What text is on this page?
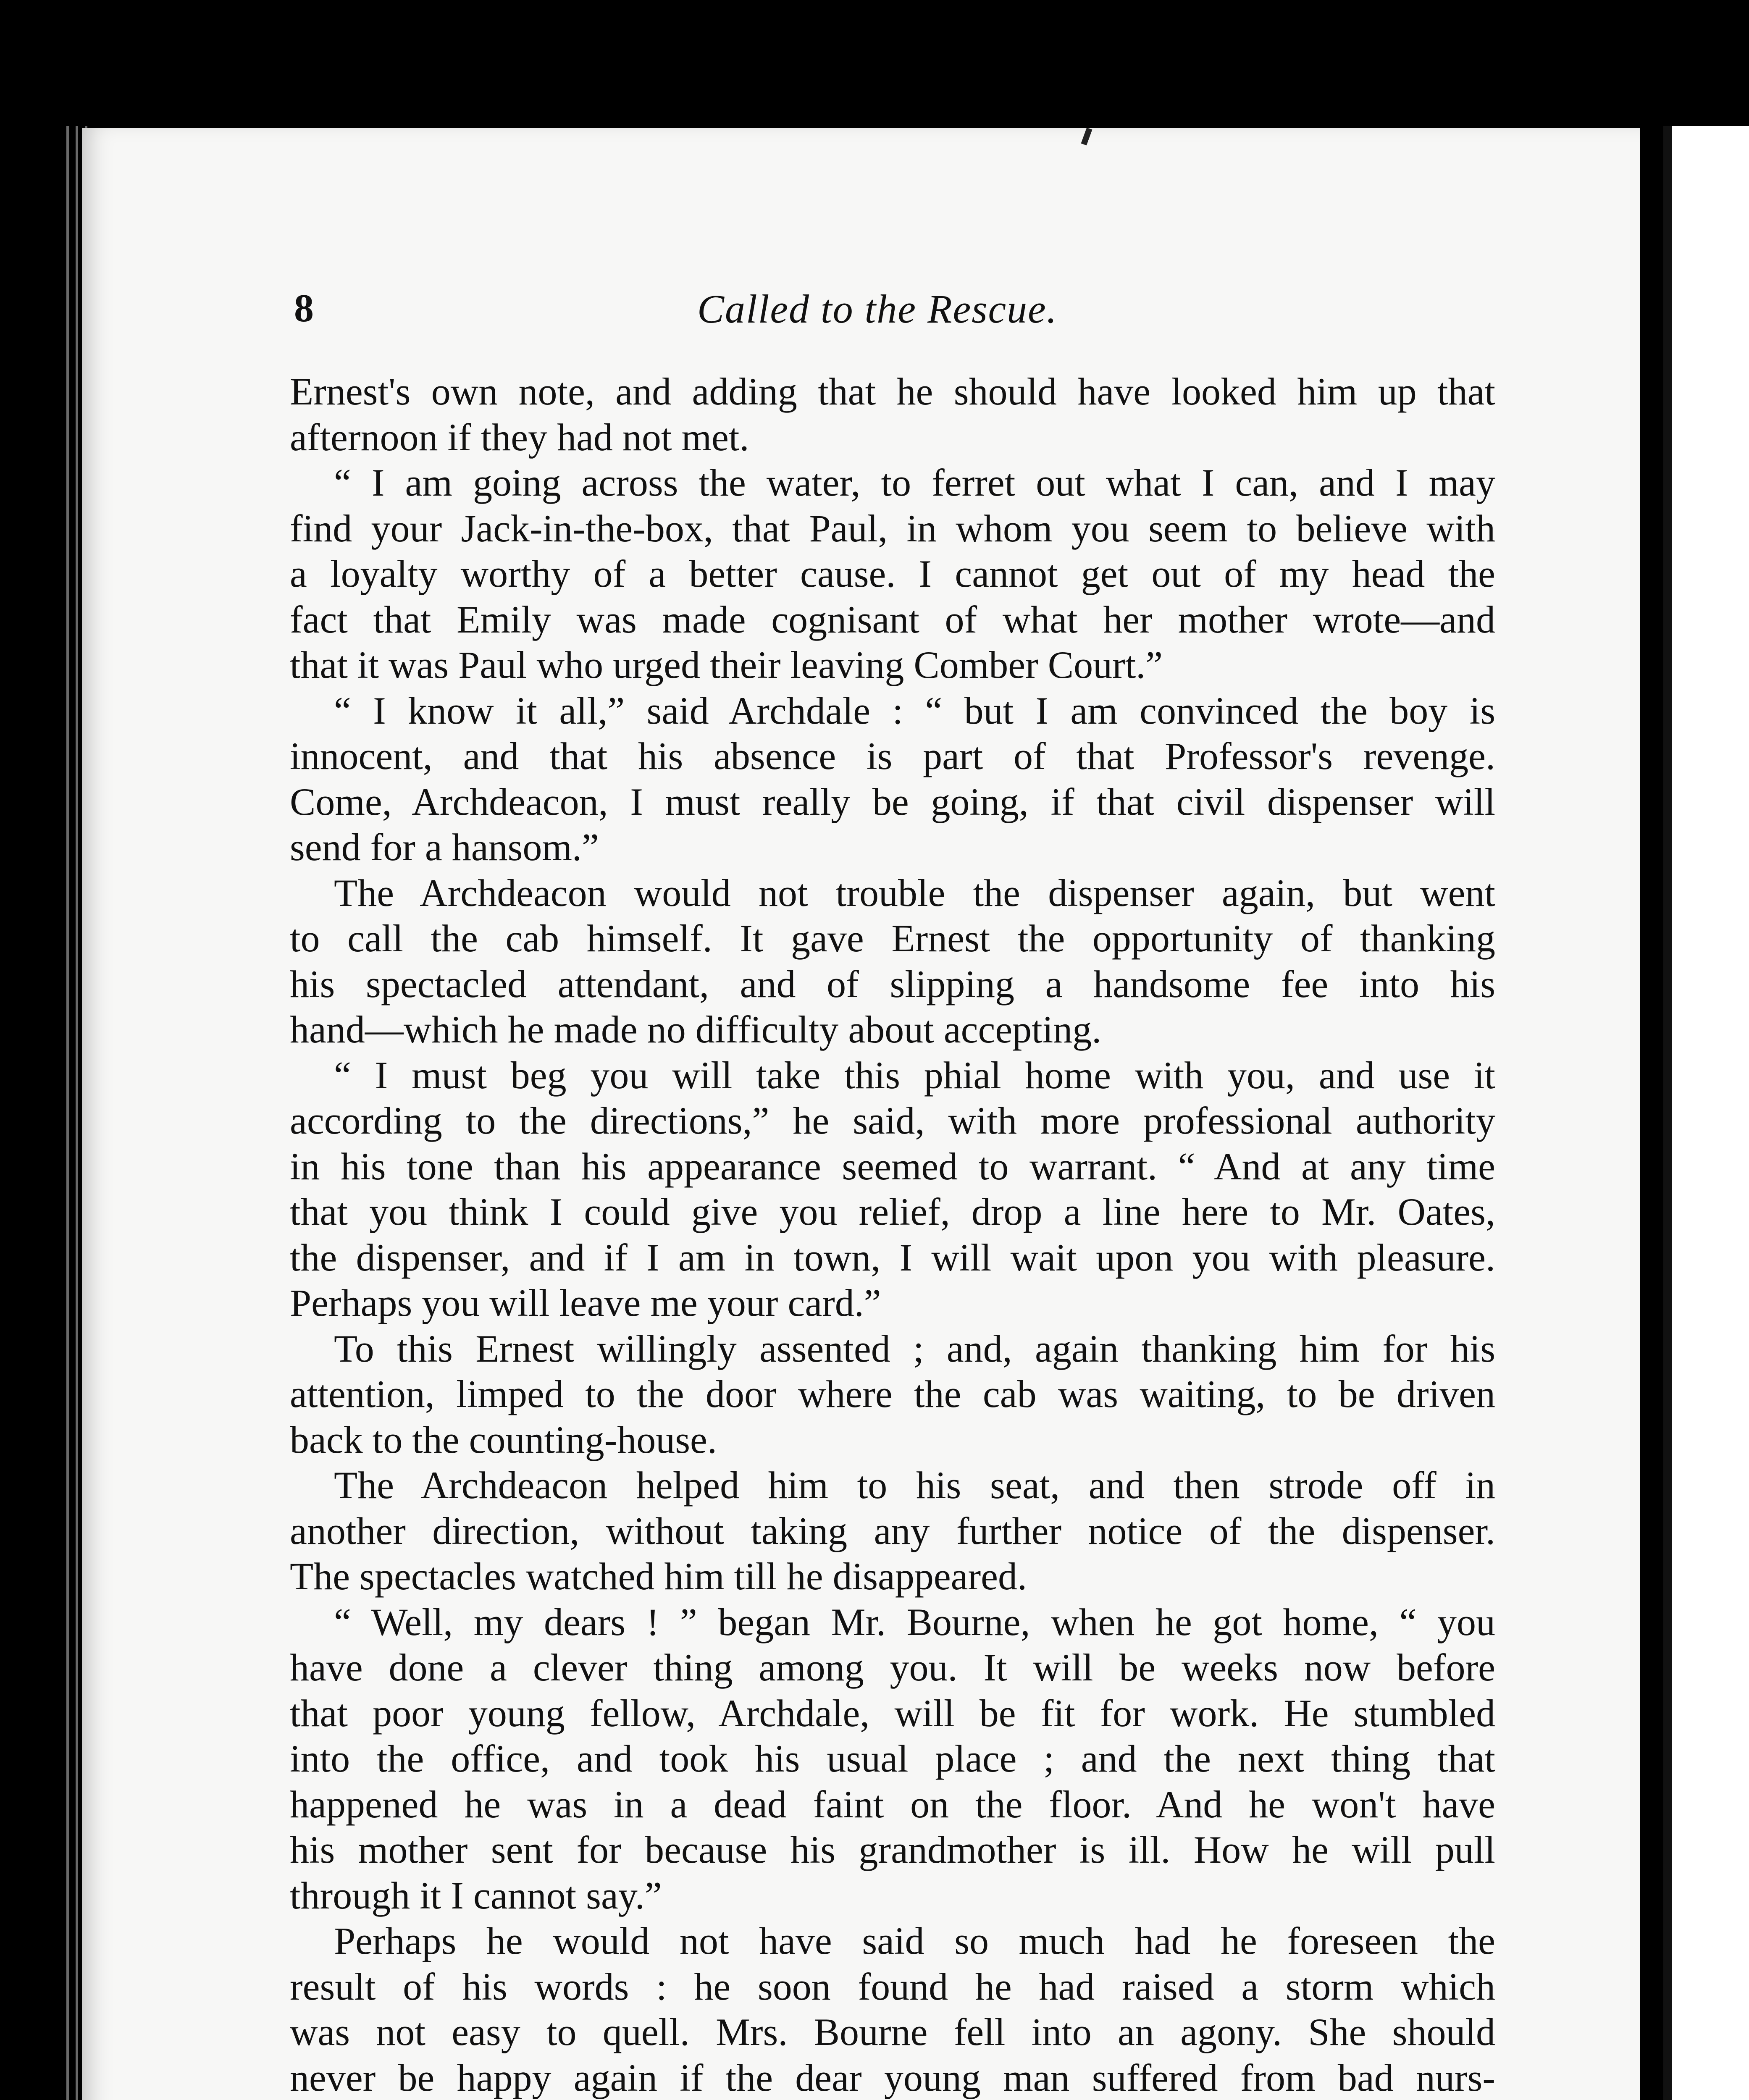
8	Called to the Rescue.
Ernest's own note, and adding that he should have looked him up that
afternoon if they had not met.
“ I am going across the water, to ferret out what I can, and I may
find your Jack-in-the-box, that Paul, in whom you seem to believe with
a loyalty worthy of a better cause. I cannot get out of my head the
fact that Emily was made cognisant of what her mother wrote—and
that it was Paul who urged their leaving Comber Court.”
“ I know it all,” said Archdale : “ but I am convinced the boy is
innocent, and that his absence is part of that Professor's revenge.
Come, Archdeacon, I must really be going, if that civil dispenser will
send for a hansom.”
The Archdeacon would not trouble the dispenser again, but went
to call the cab himself. It gave Ernest the opportunity of thanking
his spectacled attendant, and of slipping a handsome fee into his
hand—which he made no difficulty about accepting.
“ I must beg you will take this phial home with you, and use it
according to the directions,” he said, with more professional authority
in his tone than his appearance seemed to warrant. “ And at any time
that you think I could give you relief, drop a line here to Mr. Oates,
the dispenser, and if I am in town, I will wait upon you with pleasure.
Perhaps you will leave me your card.”
To this Ernest willingly assented ; and, again thanking him for his
attention, limped to the door where the cab was waiting, to be driven
back to the counting-house.
The Archdeacon helped him to his seat, and then strode off in
another direction, without taking any further notice of the dispenser.
The spectacles watched him till he disappeared.
“ Well, my dears ! ” began Mr. Bourne, when he got home, “ you
have done a clever thing among you. It will be weeks now before
that poor young fellow, Archdale, will be fit for work. He stumbled
into the office, and took his usual place ; and the next thing that
happened he was in a dead faint on the floor. And he won't have
his mother sent for because his grandmother is ill. How he will pull
through it I cannot say.”
Perhaps he would not have said so much had he foreseen the
result of his words : he soon found he had raised a storm which
was not easy to quell. Mrs. Bourne fell into an agony. She should
never be happy again if the dear young man suffered from bad nurs-
